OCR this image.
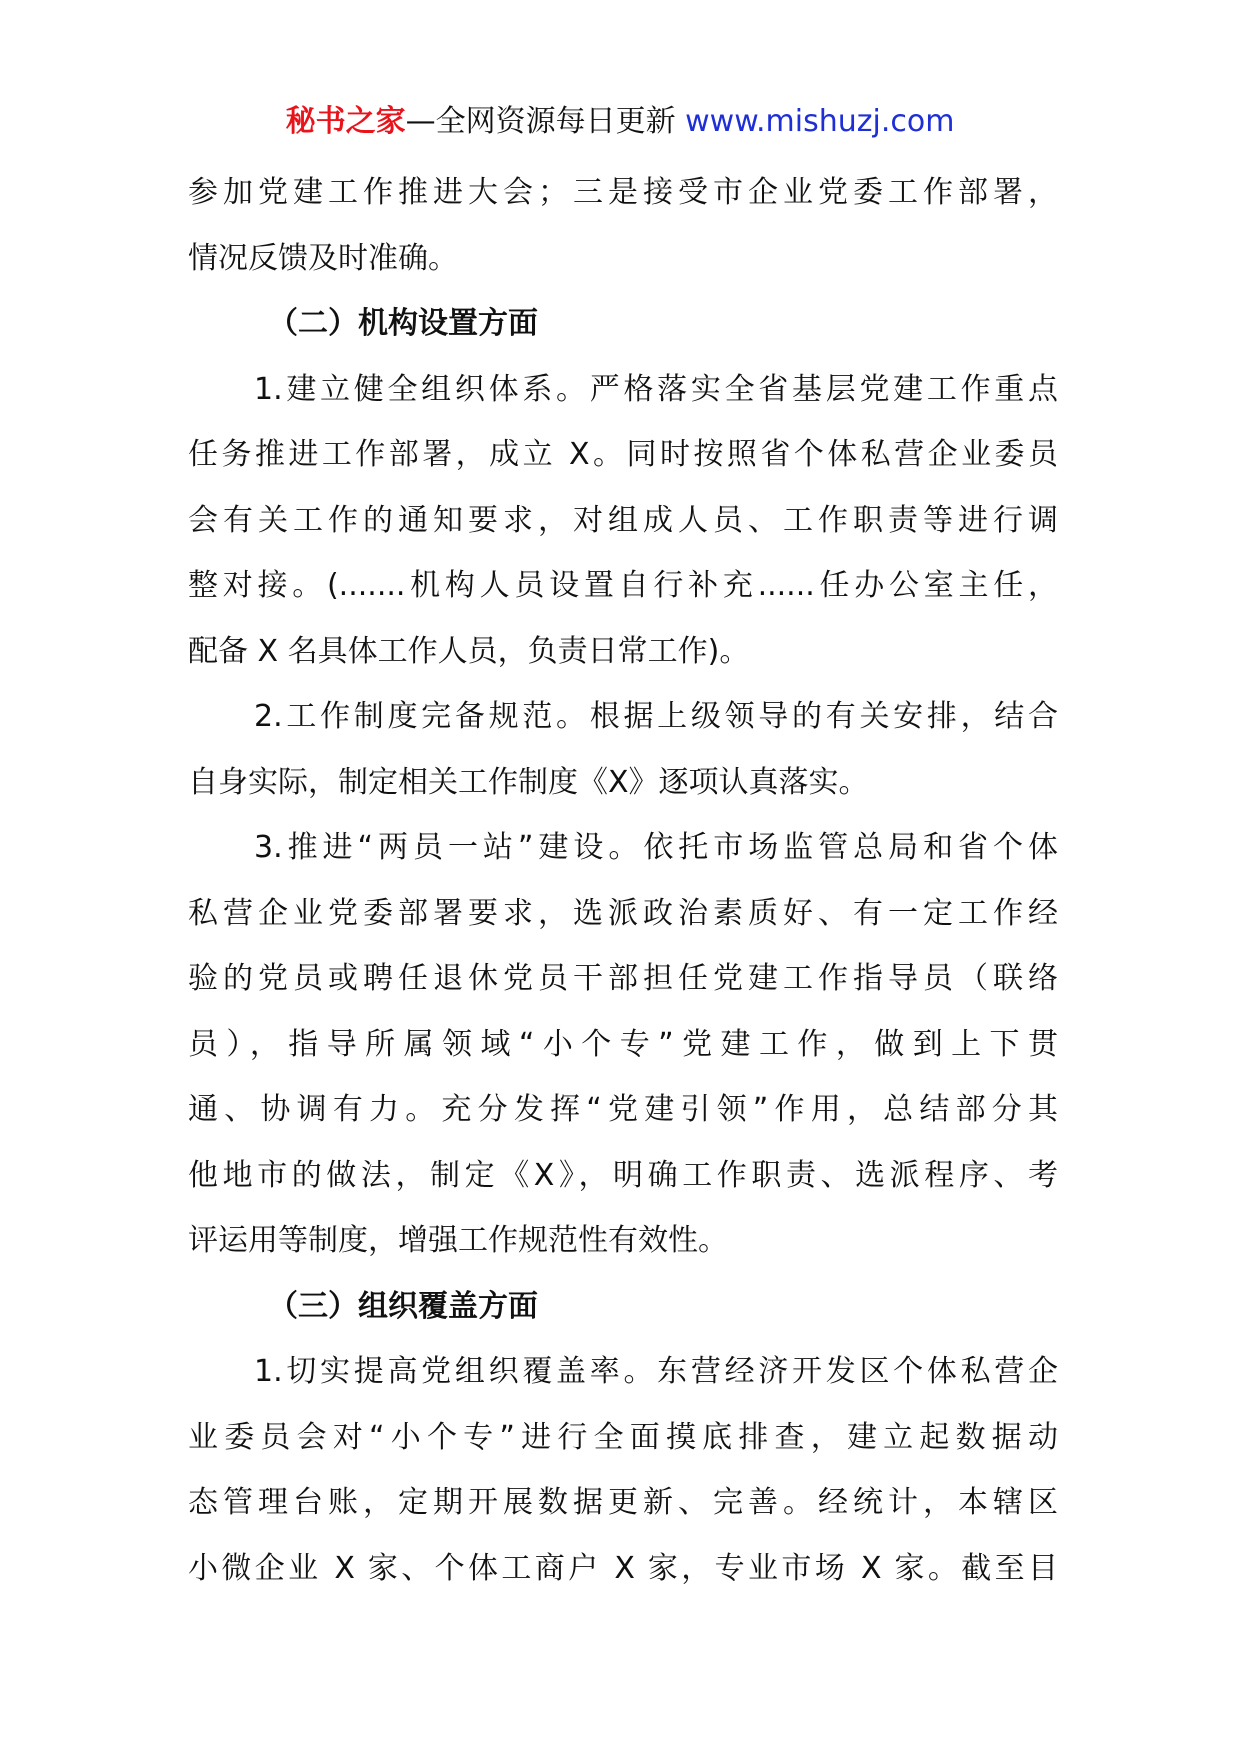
秘书之家—全网资源每日更新 www.mishuzj.com
参加党建工作推进大会；三是接受市企业党委工作部署，
情况反馈及时准确。
（二）机构设置方面
1.建立健全组织体系。严格落实全省基层党建工作重点
任务推进工作部署，成立 X。同时按照省个体私营企业委员
会有关工作的通知要求，对组成人员、工作职责等进行调
整对接。(.......机构人员设置自行补充......任办公室主任，
配备 X 名具体工作人员，负责日常工作)。
2.工作制度完备规范。根据上级领导的有关安排，结合
自身实际，制定相关工作制度《X》逐项认真落实。
3.推进“两员一站”建设。依托市场监管总局和省个体
私营企业党委部署要求，选派政治素质好、有一定工作经
验的党员或聘任退休党员干部担任党建工作指导员（联络
员），指导所属领域“小个专”党建工作，做到上下贯
通、协调有力。充分发挥“党建引领”作用，总结部分其
他地市的做法，制定《X》，明确工作职责、选派程序、考
评运用等制度，增强工作规范性有效性。
（三）组织覆盖方面
1.切实提高党组织覆盖率。东营经济开发区个体私营企
业委员会对“小个专”进行全面摸底排查，建立起数据动
态管理台账，定期开展数据更新、完善。经统计，本辖区
小微企业 X 家、个体工商户 X 家，专业市场 X 家。截至目
